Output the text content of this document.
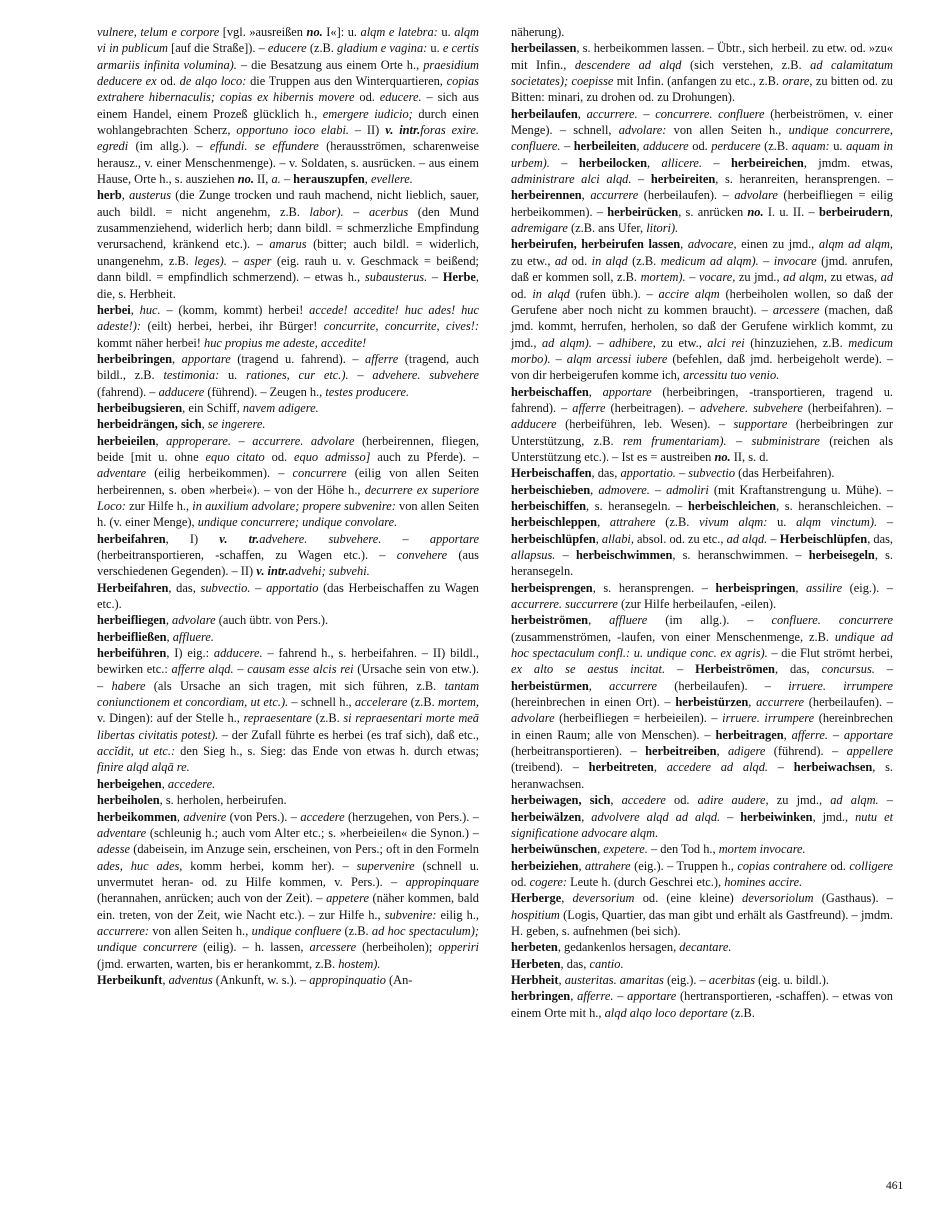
vulnere, telum e corpore [vgl. »ausreißen no. I«]: u. alqm e latebra: u. alqm vi in publicum [auf die Straße]). – educere (z.B. gladium e vagina: u. e certis armariis infinita volumina). – die Besatzung aus einem Orte h., praesidium deducere ex od. de alqo loco: die Truppen aus den Winterquartieren, copias extrahere hibernaculis; copias ex hibernis movere od. educere. – sich aus einem Handel, einem Prozeß glücklich h., emergere iudicio; durch einen wohlangebrachten Scherz, opportuno ioco elabi. – II) v. intr.foras exire. egredi (im allg.). – effundi. se effundere (herausströmen, scharenweise herausz., v. einer Menschenmenge). – v. Soldaten, s. ausrücken. – aus einem Hause, Orte h., s. ausziehen no. II, a. – herauszupfen, evellere.

herb, austerus (die Zunge trocken und rauh machend, nicht lieblich, sauer, auch bildl. = nicht angenehm, z.B. labor). – acerbus (den Mund zusammenziehend, widerlich herb; dann bildl. = schmerzliche Empfindung verursachend, kränkend etc.). – amarus (bitter; auch bildl. = widerlich, unangenehm, z.B. leges). – asper (eig. rauh u. v. Geschmack = beißend; dann bildl. = empfindlich schmerzend). – etwas h., subausterus. – Herbe, die, s. Herbheit.

herbei, huc. – (komm, kommt) herbei! accede! accedite! huc ades! huc adeste!): (eilt) herbei, herbei, ihr Bürger! concurrite, concurrite, cives!: kommt näher herbei! huc propius me adeste, accedite!

herbeibringen, apportare (tragend u. fahrend). – afferre (tragend, auch bildl., z.B. testimonia: u. rationes, cur etc.). – advehere. subvehere (fahrend). – adducere (führend). – Zeugen h., testes producere.

herbeibugsieren, ein Schiff, navem adigere.

herbeidrängen, sich, se ingerere.

herbeieilen, approperare. – accurrere. advolare (herbeirennen, fliegen, beide [mit u. ohne equo citato od. equo admisso] auch zu Pferde). – adventare (eilig herbeikommen). – concurrere (eilig von allen Seiten herbeirennen, s. oben »herbei«). – von der Höhe h., decurrere ex superiore Loco: zur Hilfe h., in auxilium advolare; propere subvenire: von allen Seiten h. (v. einer Menge), undique concurrere; undique convolare.

herbeifahren, I) v. tr.advehere. subvehere. – apportare (herbeitransportieren, -schaffen, zu Wagen etc.). – convehere (aus verschiedenen Gegenden). – II) v. intr.advehi; subvehi.

Herbeifahren, das, subvectio. – apportatio (das Herbeischaffen zu Wagen etc.).

herbeifliegen, advolare (auch übtr. von Pers.).

herbeifließen, affluere.

herbeiführen, I) eig.: adducere. – fahrend h., s. herbeifahren. – II) bildl., bewirken etc.: afferre alqd. – causam esse alcis rei (Ursache sein von etw.). – habere (als Ursache an sich tragen, mit sich führen, z.B. tantam coniunctionem et concordiam, ut etc.). – schnell h., accelerare (z.B. mortem, v. Dingen): auf der Stelle h., repraesentare (z.B. si repraesentari morte meā libertas civitatis potest). – der Zufall führte es herbei (es traf sich), daß etc., accĭdit, ut etc.: den Sieg h., s. Sieg: das Ende von etwas h. durch etwas; finire alqd alqā re.

herbeigehen, accedere.

herbeiholen, s. herholen, herbeirufen.

herbeikommen, advenire (von Pers.). – accedere (herzugehen, von Pers.). – adventare (schleunig h.; auch vom Alter etc.; s. »herbeieilen« die Synon.) – adesse (dabeisein, im Anzuge sein, erscheinen, von Pers.; oft in den Formeln ades, huc ades, komm herbei, komm her). – supervenire (schnell u. unvermutet heran- od. zu Hilfe kommen, v. Pers.). – appropinquare (herannahen, anrücken; auch von der Zeit). – appetere (näher kommen, bald ein. treten, von der Zeit, wie Nacht etc.). – zur Hilfe h., subvenire: eilig h., accurrere: von allen Seiten h., undique confluere (z.B. ad hoc spectaculum); undique concurrere (eilig). – h. lassen, arcessere (herbeiholen); opperiri (jmd. erwarten, warten, bis er herankommt, z.B. hostem).

Herbeikunft, adventus (Ankunft, w. s.). – appropinquatio (An-

näherung).

herbeilassen, s. herbeikommen lassen. – Übtr., sich herbeil. zu etw. od. »zu« mit Infin., descendere ad alqd (sich verstehen, z.B. ad calamitatum societates); coepisse mit Infin. (anfangen zu etc., z.B. orare, zu bitten od. zu Bitten: minari, zu drohen od. zu Drohungen).

herbeilaufen, accurrere. – concurrere. confluere (herbeiströmen, v. einer Menge). – schnell, advolare: von allen Seiten h., undique concurrere, confluere. – herbeileiten, adducere od. perducere (z.B. aquam: u. aquam in urbem). – herbeilocken, allicere. – herbeireichen, jmdm. etwas, administrare alci alqd. – herbeireiten, s. heranreiten, heransprengen. – herbeirennen, accurrere (herbeilaufen). – advolare (herbeifliegen = eilig herbeikommen). – herbeirücken, s. anrücken no. I. u. II. – berbeirudern, adremigare (z.B. ans Ufer, litori).

herbeirufen, herbeirufen lassen, advocare, einen zu jmd., alqm ad alqm, zu etw., ad od. in alqd (z.B. medicum ad alqm). – invocare (jmd. anrufen, daß er kommen soll, z.B. mortem). – vocare, zu jmd., ad alqm, zu etwas, ad od. in alqd (rufen übh.). – accire alqm (herbeiholen wollen, so daß der Gerufene aber noch nicht zu kommen braucht). – arcessere (machen, daß jmd. kommt, herrufen, herholen, so daß der Gerufene wirklich kommt, zu jmd., ad alqm). – adhibere, zu etw., alci rei (hinzuziehen, z.B. medicum morbo). – alqm arcessi iubere (befehlen, daß jmd. herbeigeholt werde). – von dir herbeigerufen komme ich, arcessitu tuo venio.

herbeischaffen, apportare (herbeibringen, -transportieren, tragend u. fahrend). – afferre (herbeitragen). – advehere. subvehere (herbeifahren). – adducere (herbeiführen, leb. Wesen). – supportare (herbeibringen zur Unterstützung, z.B. rem frumentariam). – subministrare (reichen als Unterstützung etc.). – Ist es = austreiben no. II, s. d.

Herbeischaffen, das, apportatio. – subvectio (das Herbeifahren).

herbeischieben, admovere. – admoliri (mit Kraftanstrengung u. Mühe). – herbeischiffen, s. heransegeln. – herbeischleichen, s. heranschleichen. – herbeischleppen, attrahere (z.B. vivum alqm: u. alqm vinctum). – herbeischlüpfen, allabi, absol. od. zu etc., ad alqd. – Herbeischlüpfen, das, allapsus. – herbeischwimmen, s. heranschwimmen. – herbeisegeln, s. heransegeln.

herbeisprengen, s. heransprengen. – herbeispringen, assilire (eig.). – accurrere. succurrere (zur Hilfe herbeilaufen, -eilen).

herbeiströmen, affluere (im allg.). – confluere. concurrere (zusammenströmen, -laufen, von einer Menschenmenge, z.B. undique ad hoc spectaculum confl.: u. undique conc. ex agris). – die Flut strömt herbei, ex alto se aestus incitat. – Herbeiströmen, das, concursus. – herbeistürmen, accurrere (herbeilaufen). – irruere. irrumpere (hereinbrechen in einen Ort). – herbeistürzen, accurrere (herbeilaufen). – advolare (herbeifliegen = herbeieilen). – irruere. irrumpere (hereinbrechen in einen Raum; alle von Menschen). – herbeitragen, afferre. – apportare (herbeitransportieren). – herbeitreiben, adigere (führend). – appellere (treibend). – herbeitreten, accedere ad alqd. – herbeiwachsen, s. heranwachsen.

herbeiwagen, sich, accedere od. adire audere, zu jmd., ad alqm. – herbeiwälzen, advolvere alqd ad alqd. – herbeiwinken, jmd., nutu et significatione advocare alqm.

herbeiwünschen, expetere. – den Tod h., mortem invocare.

herbeiziehen, attrahere (eig.). – Truppen h., copias contrahere od. colligere od. cogere: Leute h. (durch Geschrei etc.), homines accire.

Herberge, deversorium od. (eine kleine) deversoriolum (Gasthaus). – hospitium (Logis, Quartier, das man gibt und erhält als Gastfreund). – jmdm. H. geben, s. aufnehmen (bei sich).

herbeten, gedankenlos hersagen, decantare.

Herbeten, das, cantio.

Herbheit, austeritas. amaritas (eig.). – acerbitas (eig. u. bildl.).

herbringen, afferre. – apportare (hertransportieren, -schaffen). – etwas von einem Orte mit h., alqd alqo loco deportare (z.B.

461
